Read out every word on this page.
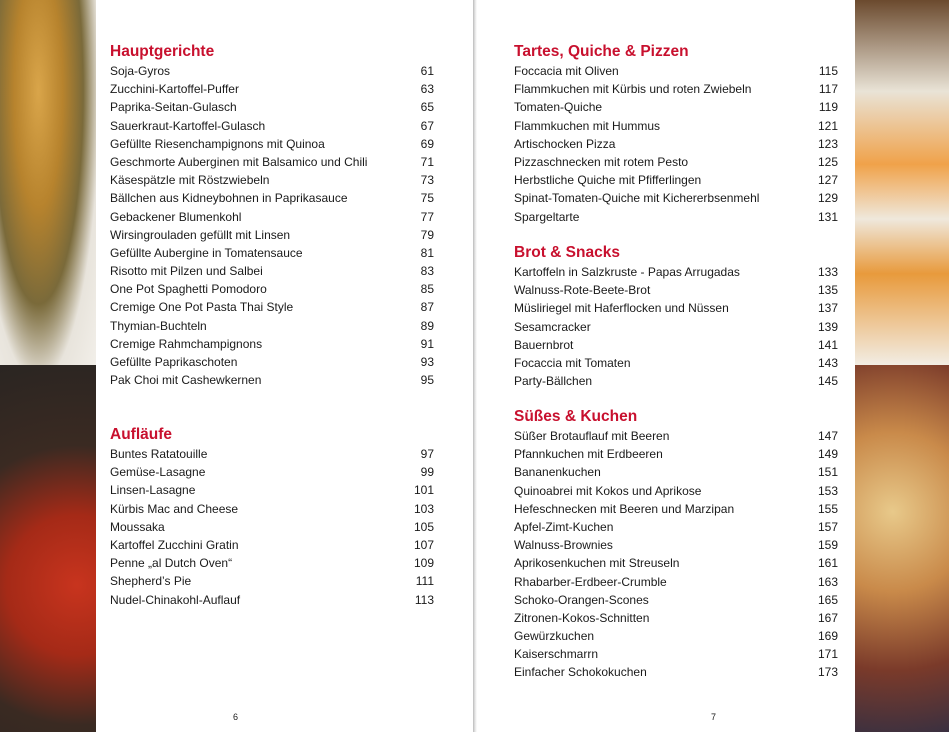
Hauptgerichte
Soja-Gyros	61
Zucchini-Kartoffel-Puffer	63
Paprika-Seitan-Gulasch	65
Sauerkraut-Kartoffel-Gulasch	67
Gefüllte Riesenchampignons mit Quinoa	69
Geschmorte Auberginen mit Balsamico und Chili	71
Käsespätzle mit Röstzwiebeln	73
Bällchen aus Kidneybohnen in Paprikasauce	75
Gebackener Blumenkohl	77
Wirsingrouladen gefüllt mit Linsen	79
Gefüllte Aubergine in Tomatensauce	81
Risotto mit Pilzen und Salbei	83
One Pot Spaghetti Pomodoro	85
Cremige One Pot Pasta Thai Style	87
Thymian-Buchteln	89
Cremige Rahmchampignons	91
Gefüllte Paprikaschoten	93
Pak Choi mit Cashewkernen	95
Aufläufe
Buntes Ratatouille	97
Gemüse-Lasagne	99
Linsen-Lasagne	101
Kürbis Mac and Cheese	103
Moussaka	105
Kartoffel Zucchini Gratin	107
Penne „al Dutch Oven“	109
Shepherd’s Pie	111
Nudel-Chinakohl-Auflauf	113
6
Tartes, Quiche & Pizzen
Foccacia mit Oliven	115
Flammkuchen mit Kürbis und roten Zwiebeln	117
Tomaten-Quiche	119
Flammkuchen mit Hummus	121
Artischocken Pizza	123
Pizzaschnecken mit rotem Pesto	125
Herbstliche Quiche mit Pfifferlingen	127
Spinat-Tomaten-Quiche mit Kichererbsenmehl	129
Spargeltarte	131
Brot & Snacks
Kartoffeln in Salzkruste - Papas Arrugadas	133
Walnuss-Rote-Beete-Brot	135
Müsliriegel mit Haferflocken und Nüssen	137
Sesamcracker	139
Bauernbrot	141
Focaccia mit Tomaten	143
Party-Bällchen	145
Süßes & Kuchen
Süßer Brotauflauf mit Beeren	147
Pfannkuchen mit Erdbeeren	149
Bananenkuchen	151
Quinoabrei mit Kokos und Aprikose	153
Hefeschnecken mit Beeren und Marzipan	155
Apfel-Zimt-Kuchen	157
Walnuss-Brownies	159
Aprikosenkuchen mit Streuseln	161
Rhabarber-Erdbeer-Crumble	163
Schoko-Orangen-Scones	165
Zitronen-Kokos-Schnitten	167
Gewürzkuchen	169
Kaiserschmarrn	171
Einfacher Schokokuchen	173
7
